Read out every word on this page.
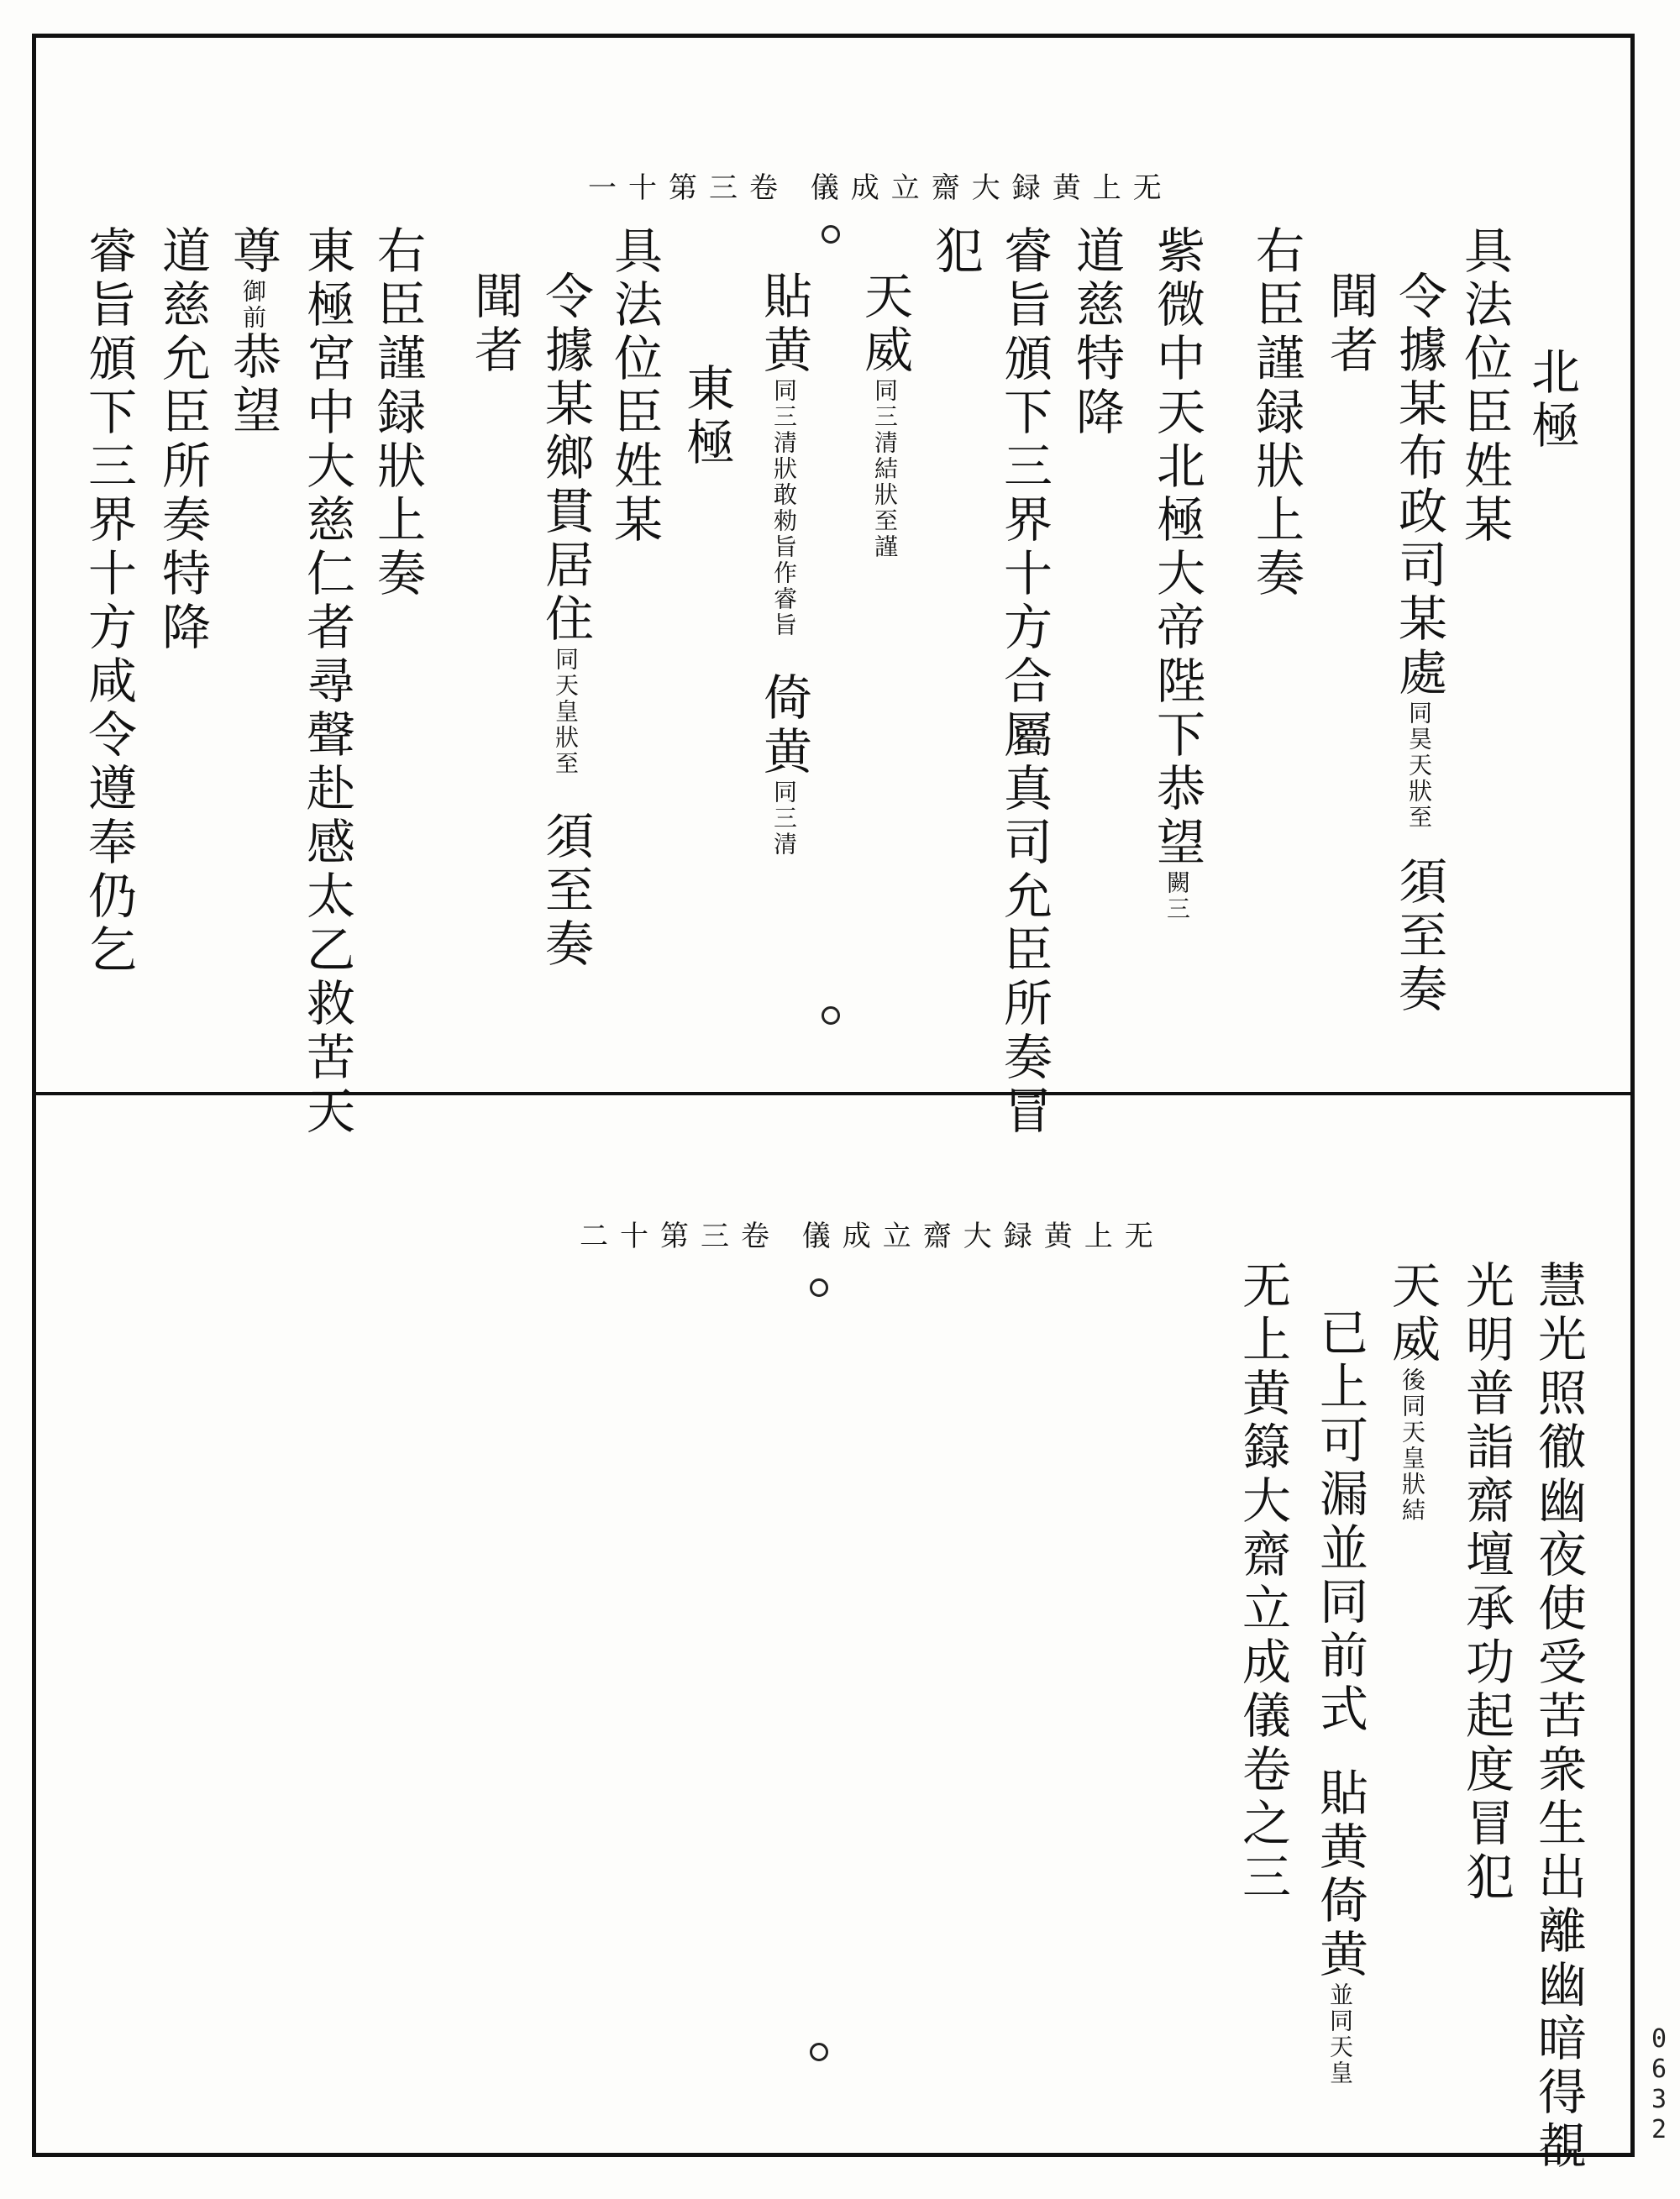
无上黄録大齋立成儀 卷三第十一
北極
具法位臣姓某
令據某布政司某處同昊天狀至須至奏
聞者
右臣謹録狀上奏
紫微中天北極大帝陛下恭望闕三
道慈特降
睿旨頒下三界十方合屬真司允臣所奏冒
犯
天威同三清結狀至謹
貼黄同三清狀敢勑旨作睿旨倚黄同三清
東極
具法位臣姓某
令據某鄉貫居住同天皇狀至須至奏
聞者
右臣謹録狀上奏
東極宮中大慈仁者尋聲赴感太乙救苦天
尊御前恭望
道慈允臣所奏特降
睿旨頒下三界十方咸令遵奉仍乞
无上黄録大齋立成儀 卷三第十二
慧光照徹幽夜使受苦衆生出離幽暗得覩
光明普詣齋壇承功起度冒犯
天威後同天皇狀結
已上可漏並同前式貼黄倚黄並同天皇
无上黄籙大齋立成儀卷之三
0632
